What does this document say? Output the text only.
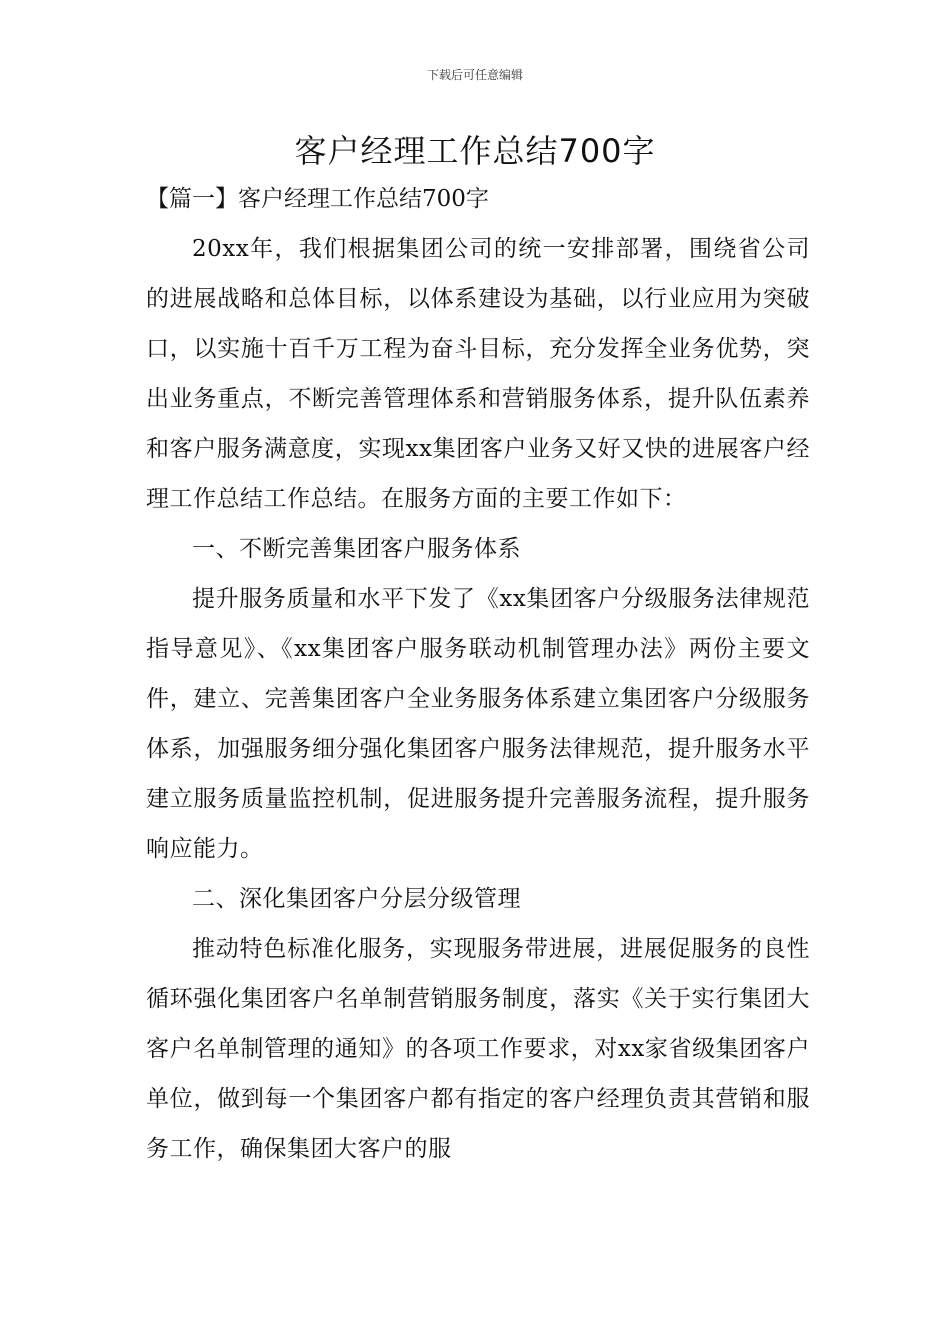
下载后可任意编辑
客户经理工作总结700字
【篇一】客户经理工作总结700字

20xx年，我们根据集团公司的统一安排部署，围绕省公司的进展战略和总体目标，以体系建设为基础，以行业应用为突破口，以实施十百千万工程为奋斗目标，充分发挥全业务优势，突出业务重点，不断完善管理体系和营销服务体系，提升队伍素养和客户服务满意度，实现xx集团客户业务又好又快的进展客户经理工作总结工作总结。在服务方面的主要工作如下：

一、不断完善集团客户服务体系

提升服务质量和水平下发了《xx集团客户分级服务法律规范指导意见》、《xx集团客户服务联动机制管理办法》两份主要文件，建立、完善集团客户全业务服务体系建立集团客户分级服务体系，加强服务细分强化集团客户服务法律规范，提升服务水平建立服务质量监控机制，促进服务提升完善服务流程，提升服务响应能力。

二、深化集团客户分层分级管理

推动特色标准化服务，实现服务带进展，进展促服务的良性循环强化集团客户名单制营销服务制度，落实《关于实行集团大客户名单制管理的通知》的各项工作要求，对xx家省级集团客户单位，做到每一个集团客户都有指定的客户经理负责其营销和服务工作，确保集团大客户的服
